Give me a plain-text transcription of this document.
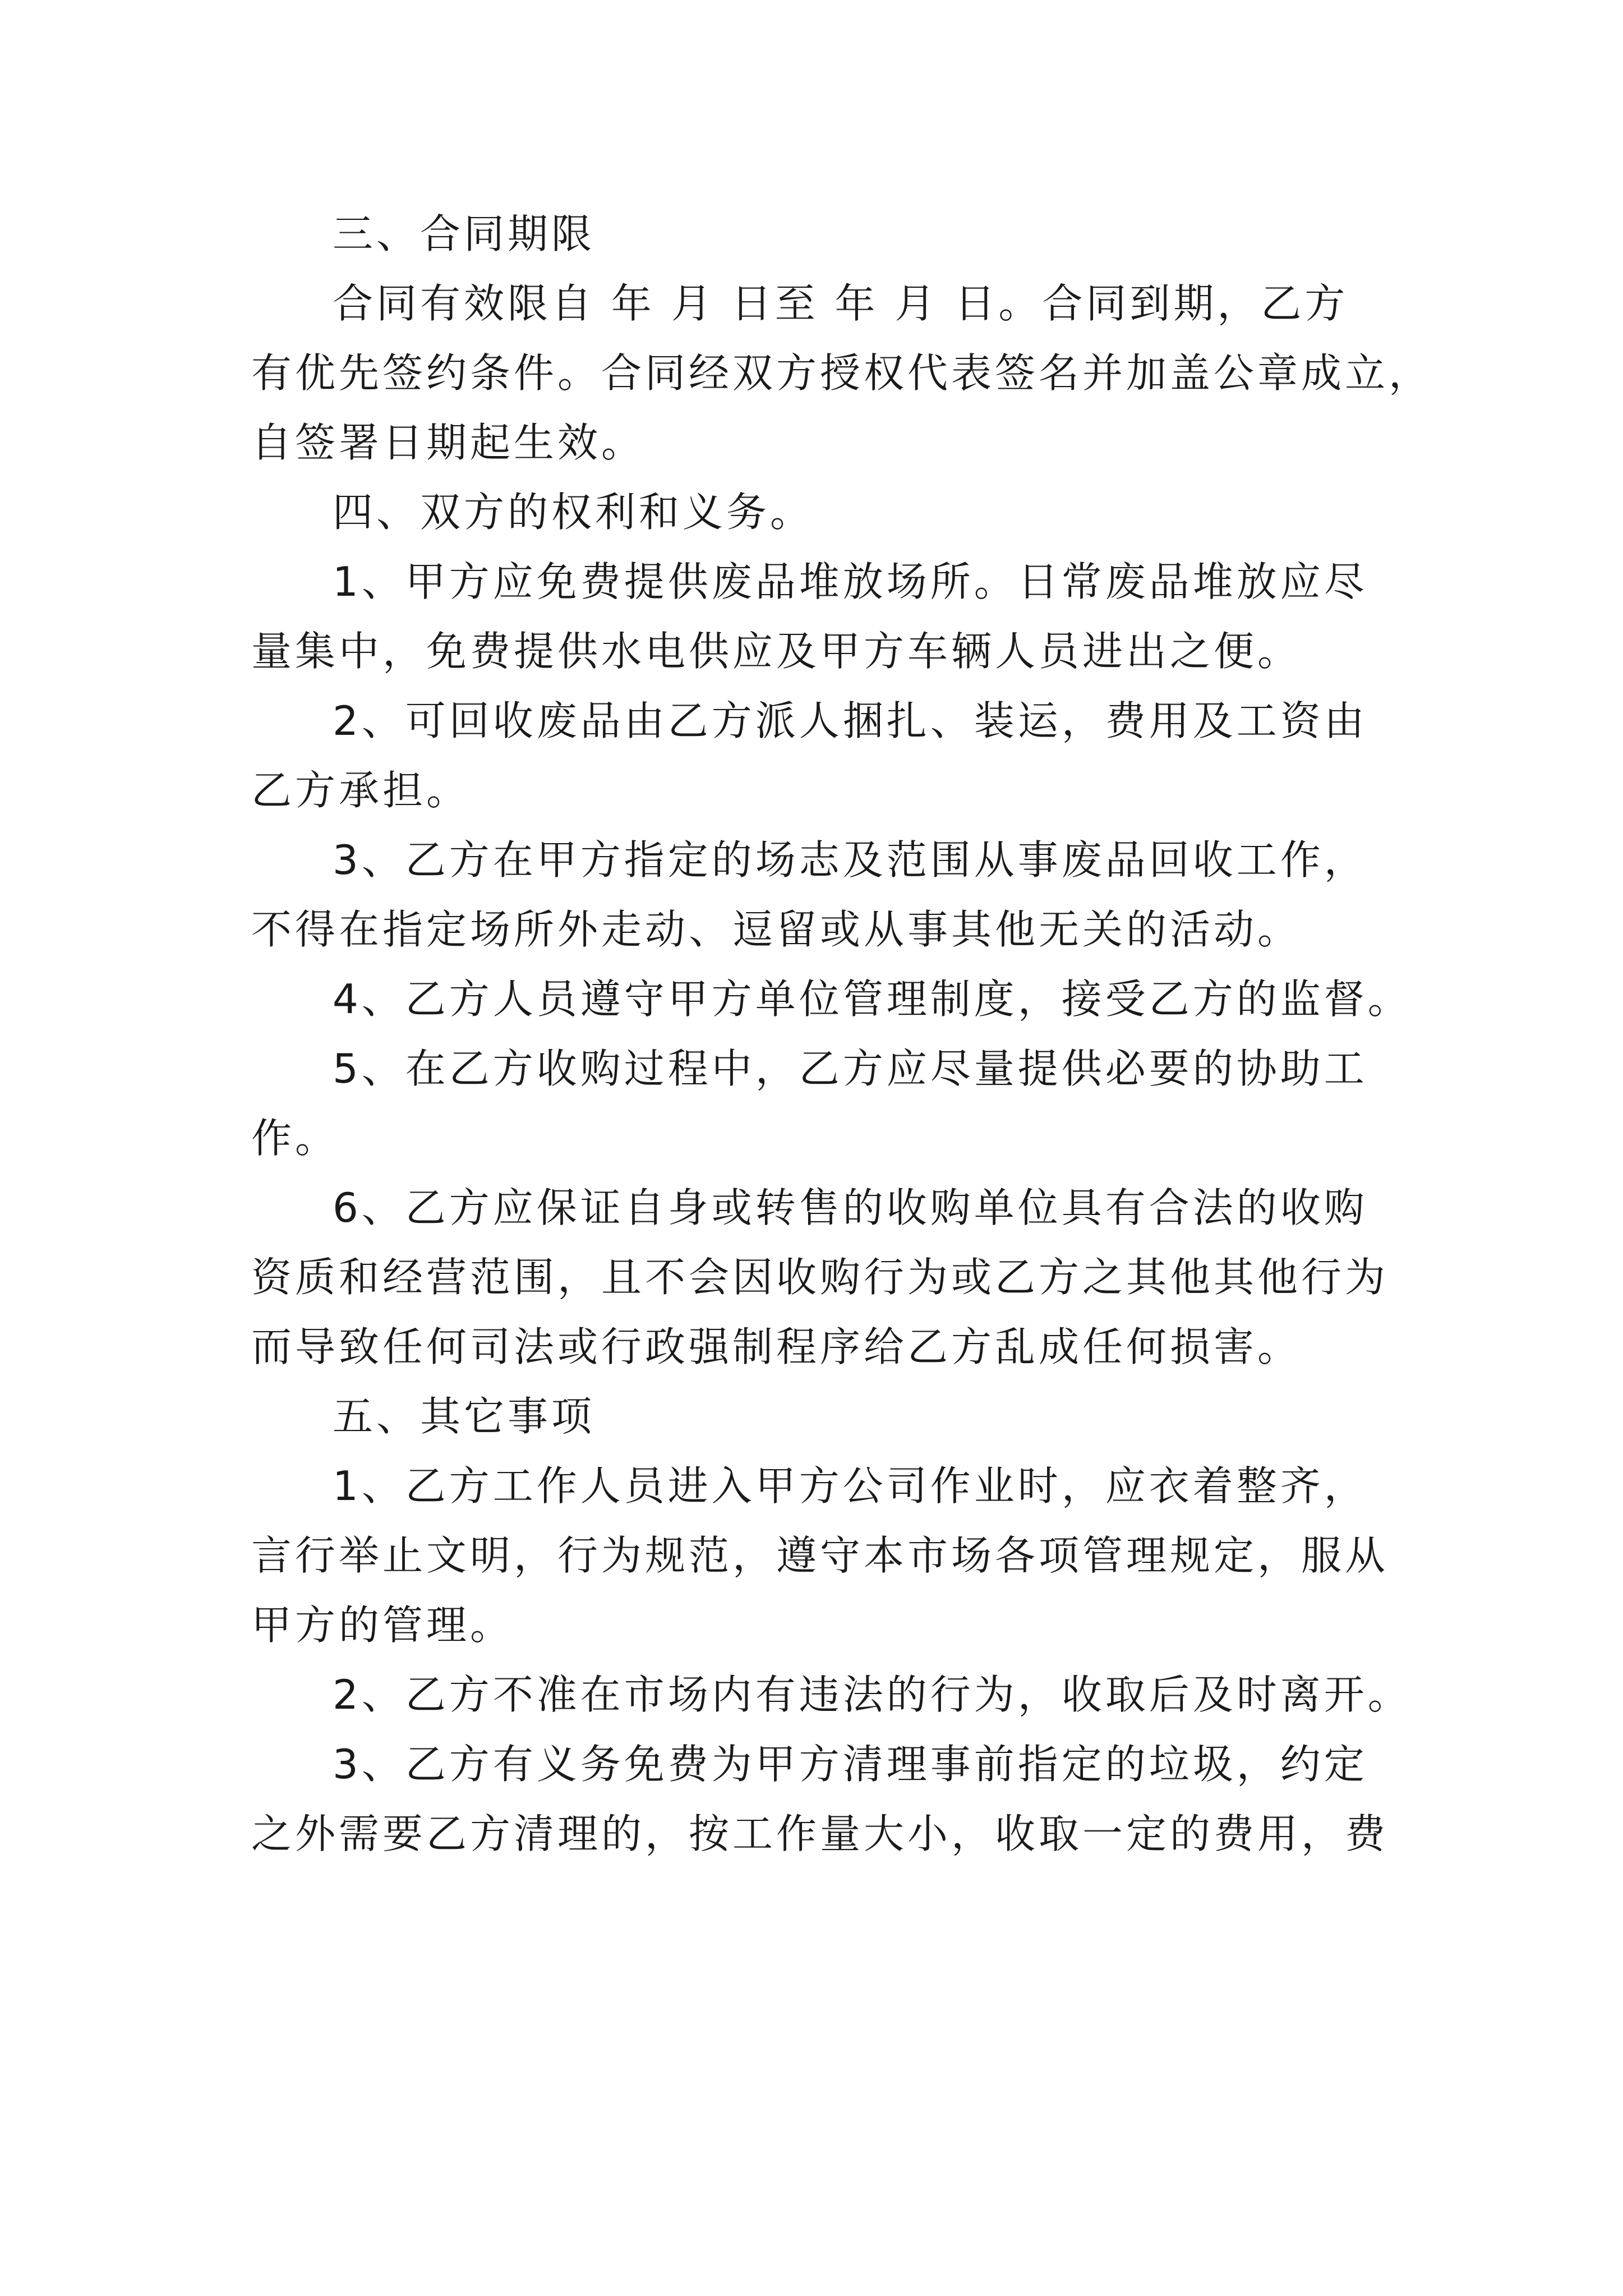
三、合同期限
合同有效限自 年 月 日至 年 月 日。合同到期，乙方
有优先签约条件。合同经双方授权代表签名并加盖公章成立，
自签署日期起生效。
四、双方的权利和义务。
1、甲方应免费提供废品堆放场所。日常废品堆放应尽
量集中，免费提供水电供应及甲方车辆人员进出之便。
2、可回收废品由乙方派人捆扎、装运，费用及工资由
乙方承担。
3、乙方在甲方指定的场志及范围从事废品回收工作，
不得在指定场所外走动、逗留或从事其他无关的活动。
4、乙方人员遵守甲方单位管理制度，接受乙方的监督。
5、在乙方收购过程中，乙方应尽量提供必要的协助工
作。
6、乙方应保证自身或转售的收购单位具有合法的收购
资质和经营范围，且不会因收购行为或乙方之其他其他行为
而导致任何司法或行政强制程序给乙方乱成任何损害。
五、其它事项
1、乙方工作人员进入甲方公司作业时，应衣着整齐，
言行举止文明，行为规范，遵守本市场各项管理规定，服从
甲方的管理。
2、乙方不准在市场内有违法的行为，收取后及时离开。
3、乙方有义务免费为甲方清理事前指定的垃圾，约定
之外需要乙方清理的，按工作量大小，收取一定的费用，费
